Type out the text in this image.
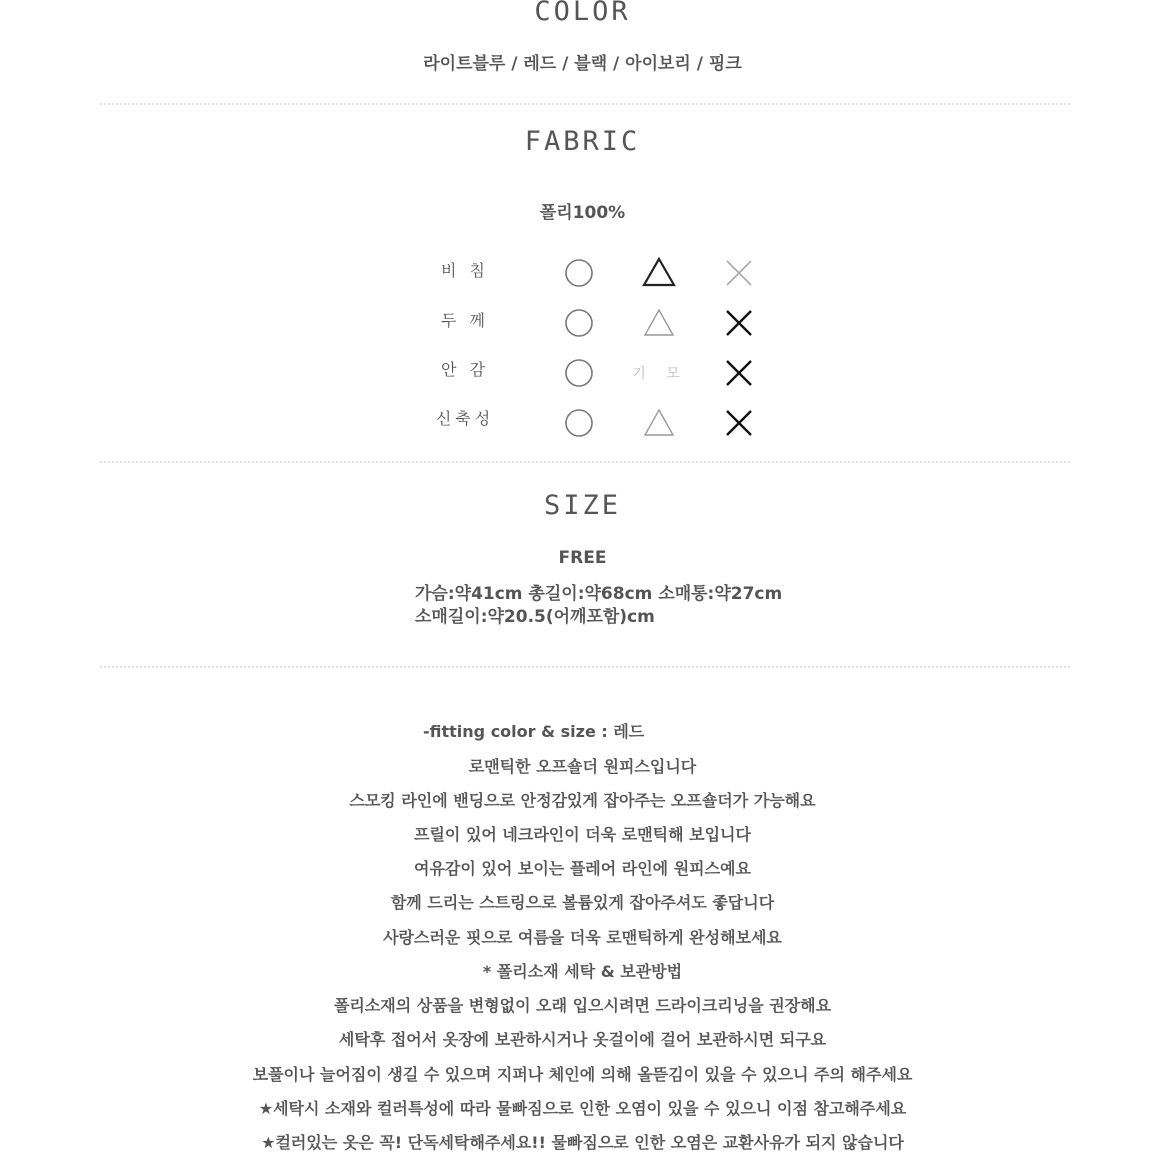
COLOR
라이트블루 / 레드 / 블랙 / 아이보리 / 핑크
FABRIC
폴리100%
비 침
두 께
안 감
신축성
기 모
SIZE
FREE
가슴:약41cm 총길이:약68cm 소매통:약27cm
소매길이:약20.5(어깨포함)cm
-fitting color & size : 레드
로맨틱한 오프숄더 원피스입니다
스모킹 라인에 밴딩으로 안정감있게 잡아주는 오프숄더가 가능해요
프릴이 있어 네크라인이 더욱 로맨틱해 보입니다
여유감이 있어 보이는 플레어 라인에 원피스예요
함께 드리는 스트링으로 볼륨있게 잡아주셔도 좋답니다
사랑스러운 핏으로 여름을 더욱 로맨틱하게 완성해보세요
* 폴리소재 세탁 & 보관방법
폴리소재의 상품을 변형없이 오래 입으시려면 드라이크리닝을 권장해요
세탁후 접어서 옷장에 보관하시거나 옷걸이에 걸어 보관하시면 되구요
보풀이나 늘어짐이 생길 수 있으며 지퍼나 체인에 의해 올뜯김이 있을 수 있으니 주의 해주세요
★세탁시 소재와 컬러특성에 따라 물빠짐으로 인한 오염이 있을 수 있으니 이점 참고해주세요
★컬러있는 옷은 꼭! 단독세탁해주세요!! 물빠짐으로 인한 오염은 교환사유가 되지 않습니다
